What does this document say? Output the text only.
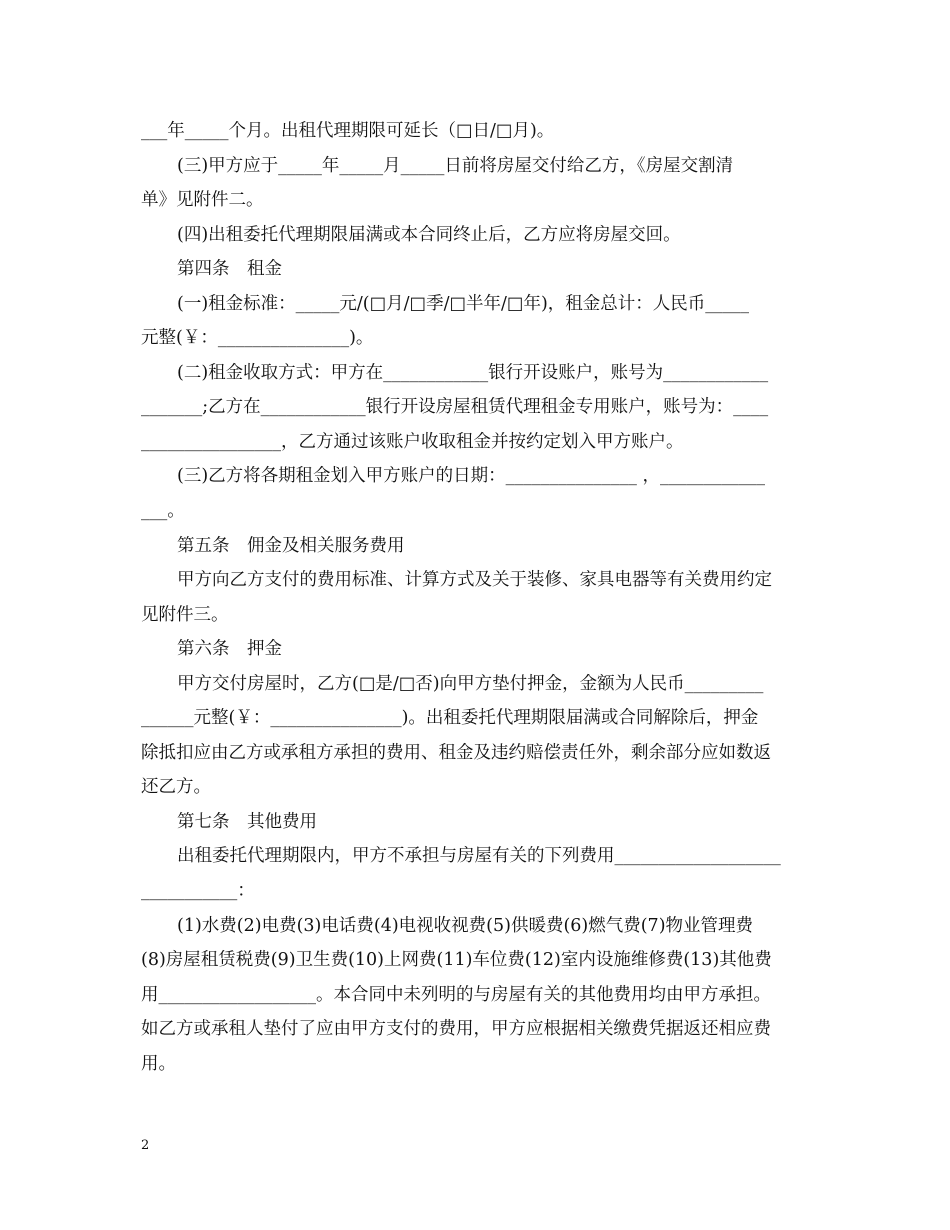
___年_____个月。出租代理期限可延长（□日/□月)。
(三)甲方应于_____年_____月_____日前将房屋交付给乙方，《房屋交割清
单》见附件二。
(四)出租委托代理期限届满或本合同终止后，乙方应将房屋交回。
第四条　租金
(一)租金标准：_____元/(□月/□季/□半年/□年)，租金总计：人民币_____
元整(￥：_______________)。
(二)租金收取方式：甲方在____________银行开设账户，账号为____________
_______;乙方在____________银行开设房屋租赁代理租金专用账户，账号为：____
________________，乙方通过该账户收取租金并按约定划入甲方账户。
(三)乙方将各期租金划入甲方账户的日期：_______________ ，____________
___。
第五条　佣金及相关服务费用
甲方向乙方支付的费用标准、计算方式及关于装修、家具电器等有关费用约定
见附件三。
第六条　押金
甲方交付房屋时，乙方(□是/□否)向甲方垫付押金，金额为人民币_________
______元整(￥：_______________)。出租委托代理期限届满或合同解除后，押金
除抵扣应由乙方或承租方承担的费用、租金及违约赔偿责任外，剩余部分应如数返
还乙方。
第七条　其他费用
出租委托代理期限内，甲方不承担与房屋有关的下列费用___________________
___________：
(1)水费(2)电费(3)电话费(4)电视收视费(5)供暖费(6)燃气费(7)物业管理费
(8)房屋租赁税费(9)卫生费(10)上网费(11)车位费(12)室内设施维修费(13)其他费
用__________________。本合同中未列明的与房屋有关的其他费用均由甲方承担。
如乙方或承租人垫付了应由甲方支付的费用，甲方应根据相关缴费凭据返还相应费
用。
2
